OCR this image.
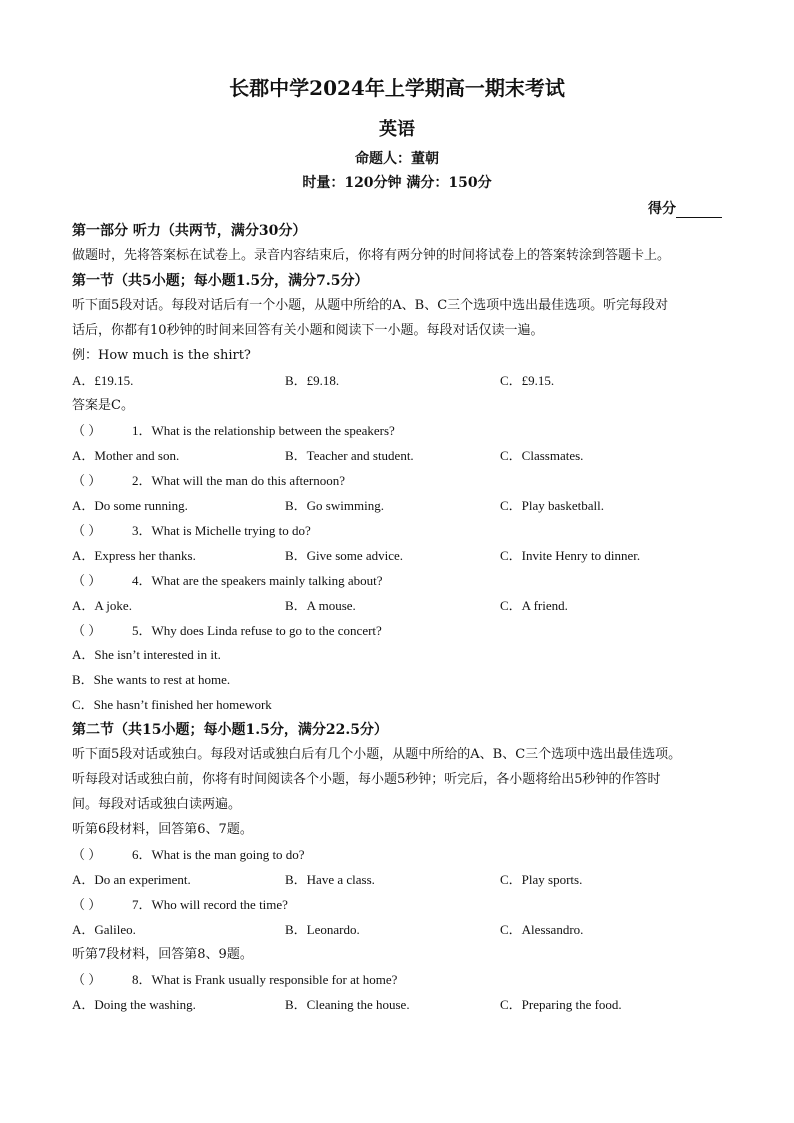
长郡中学2024年上学期高一期末考试
英语
命题人：董朝
时量：120分钟 满分：150分
得分
第一部分 听力（共两节，满分30分）
做题时，先将答案标在试卷上。录音内容结束后，你将有两分钟的时间将试卷上的答案转涂到答题卡上。
第一节（共5小题；每小题1.5分，满分7.5分）
听下面5段对话。每段对话后有一个小题，从题中所给的A、B、C三个选项中选出最佳选项。听完每段对
话后，你都有10秒钟的时间来回答有关小题和阅读下一小题。每段对话仅读一遍。
例：How much is the shirt?
A．£19.15.	B．£9.18.	C．£9.15.
答案是C。
（ ） 1．What is the relationship between the speakers?
A．Mother and son.	B．Teacher and student.	C．Classmates.
（ ） 2．What will the man do this afternoon?
A．Do some running.	B．Go swimming.	C．Play basketball.
（ ） 3．What is Michelle trying to do?
A．Express her thanks.	B．Give some advice.	C．Invite Henry to dinner.
（ ） 4．What are the speakers mainly talking about?
A．A joke.	B．A mouse.	C．A friend.
（ ） 5．Why does Linda refuse to go to the concert?
A．She isn’t interested in it.
B．She wants to rest at home.
C．She hasn’t finished her homework
第二节（共15小题；每小题1.5分，满分22.5分）
听下面5段对话或独白。每段对话或独白后有几个小题，从题中所给的A、B、C三个选项中选出最佳选项。
听每段对话或独白前，你将有时间阅读各个小题，每小题5秒钟；听完后，各小题将给出5秒钟的作答时
间。每段对话或独白读两遍。
听第6段材料，回答第6、7题。
（ ） 6．What is the man going to do?
A．Do an experiment.	B．Have a class.	C．Play sports.
（ ） 7．Who will record the time?
A．Galileo.	B．Leonardo.	C．Alessandro.
听第7段材料，回答第8、9题。
（ ） 8．What is Frank usually responsible for at home?
A．Doing the washing.	B．Cleaning the house.	C．Preparing the food.
